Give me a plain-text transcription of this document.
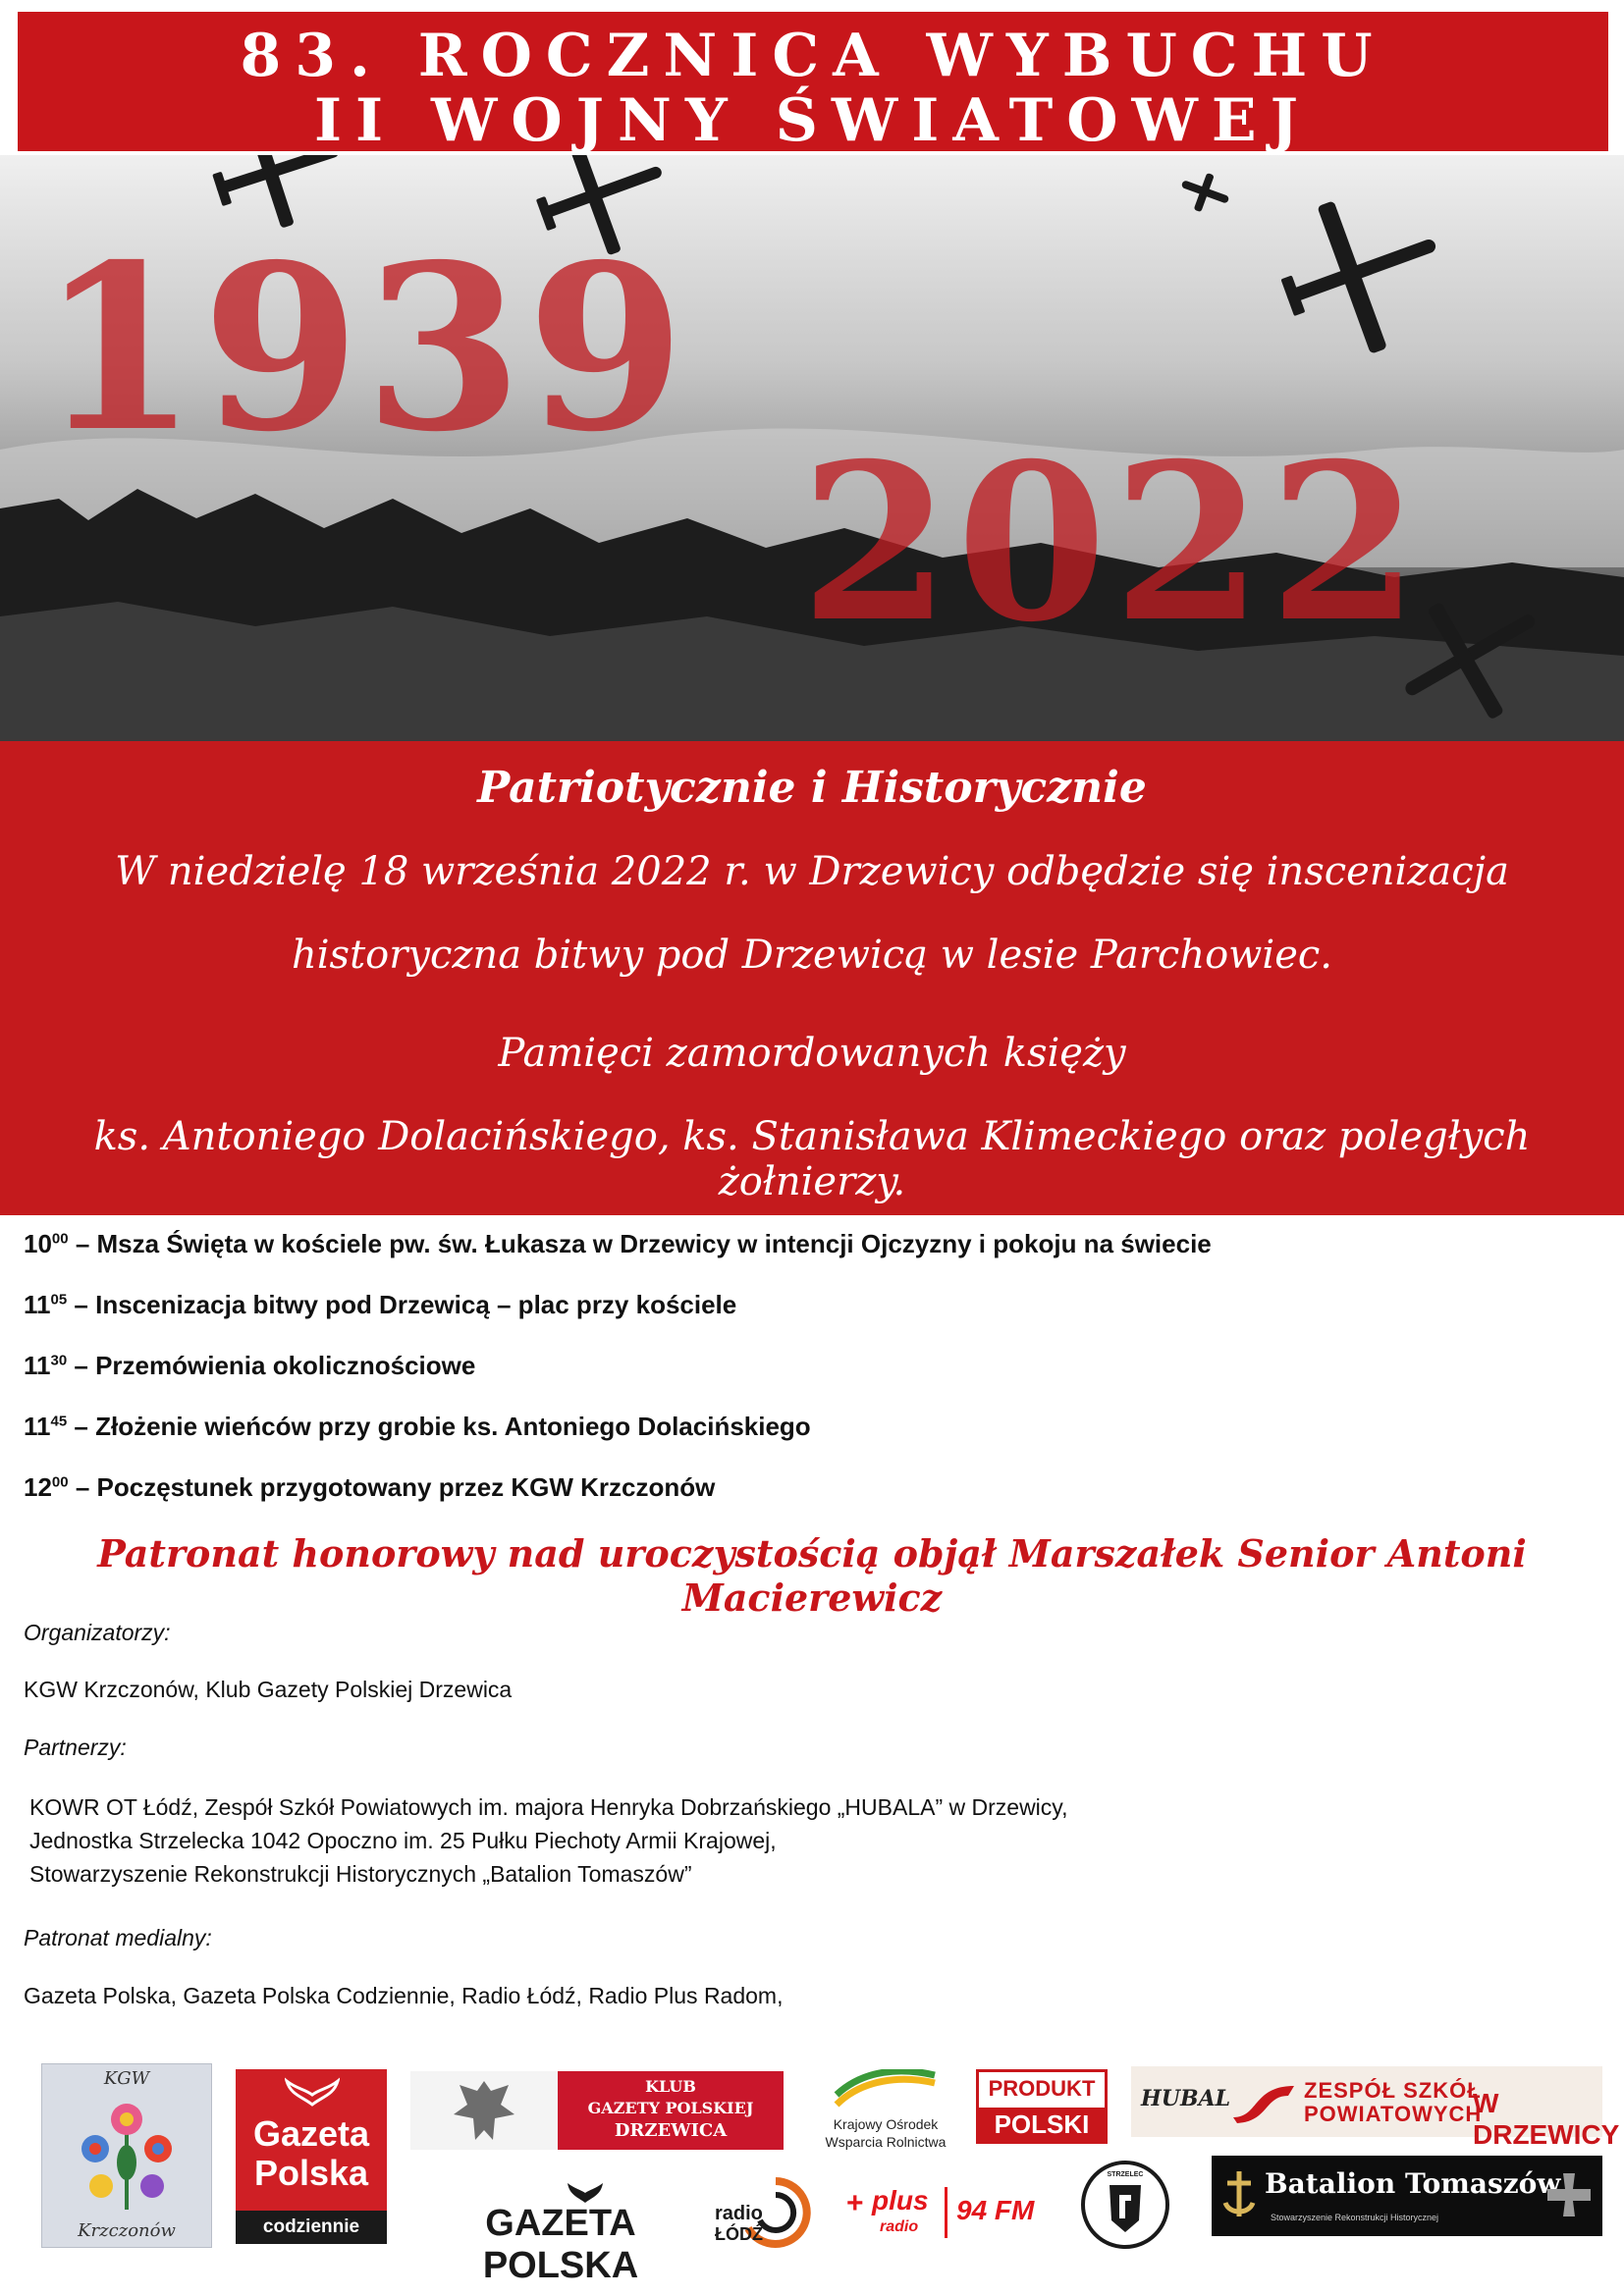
83. ROCZNICA WYBUCHU
II WOJNY ŚWIATOWEJ
1939
2022
Patriotycznie i Historycznie
W niedzielę 18 września 2022 r. w Drzewicy odbędzie się inscenizacja
historyczna bitwy pod Drzewicą w lesie Parchowiec.
Pamięci zamordowanych księży
ks. Antoniego Dolacińskiego, ks. Stanisława Klimeckiego oraz poległych żołnierzy.
$10^{00}$ – Msza Święta w kościele pw. św. Łukasza w Drzewicy w intencji Ojczyzny i pokoju na świecie
$11^{05}$ – Inscenizacja bitwy pod Drzewicą – plac przy kościele
$11^{30}$ – Przemówienia okolicznościowe
$11^{45}$ – Złożenie wieńców przy grobie ks. Antoniego Dolacińskiego
$12^{00}$ – Poczęstunek przygotowany przez KGW Krzczonów
Patronat honorowy nad uroczystością objął Marszałek Senior Antoni Macierewicz
Organizatorzy:
KGW Krzczonów, Klub Gazety Polskiej Drzewica
Partnerzy:
KOWR OT Łódź, Zespół Szkół Powiatowych im. majora Henryka Dobrzańskiego „HUBALA” w Drzewicy,
Jednostka Strzelecka 1042 Opoczno im. 25 Pułku Piechoty Armii Krajowej,
Stowarzyszenie Rekonstrukcji Historycznych „Batalion Tomaszów”
Patronat medialny:
Gazeta Polska, Gazeta Polska Codziennie, Radio Łódź, Radio Plus Radom,
KGW
Krzczonów
Gazeta
Polska
codziennie
KLUB
GAZETY POLSKIEJ
DRZEWICA	Krajowy Ośrodek
Wsparcia Rolnictwa
PRODUKT
POLSKI
HUBAL	ZESPÓŁ SZKÓŁ
POWIATOWYCH
W DRZEWICY
GAZETA POLSKA
radio
ŁÓDŹ
+ plus
radio
94 FM
STRZELEC	Batalion Tomaszów
Stowarzyszenie Rekonstrukcji Historycznej
